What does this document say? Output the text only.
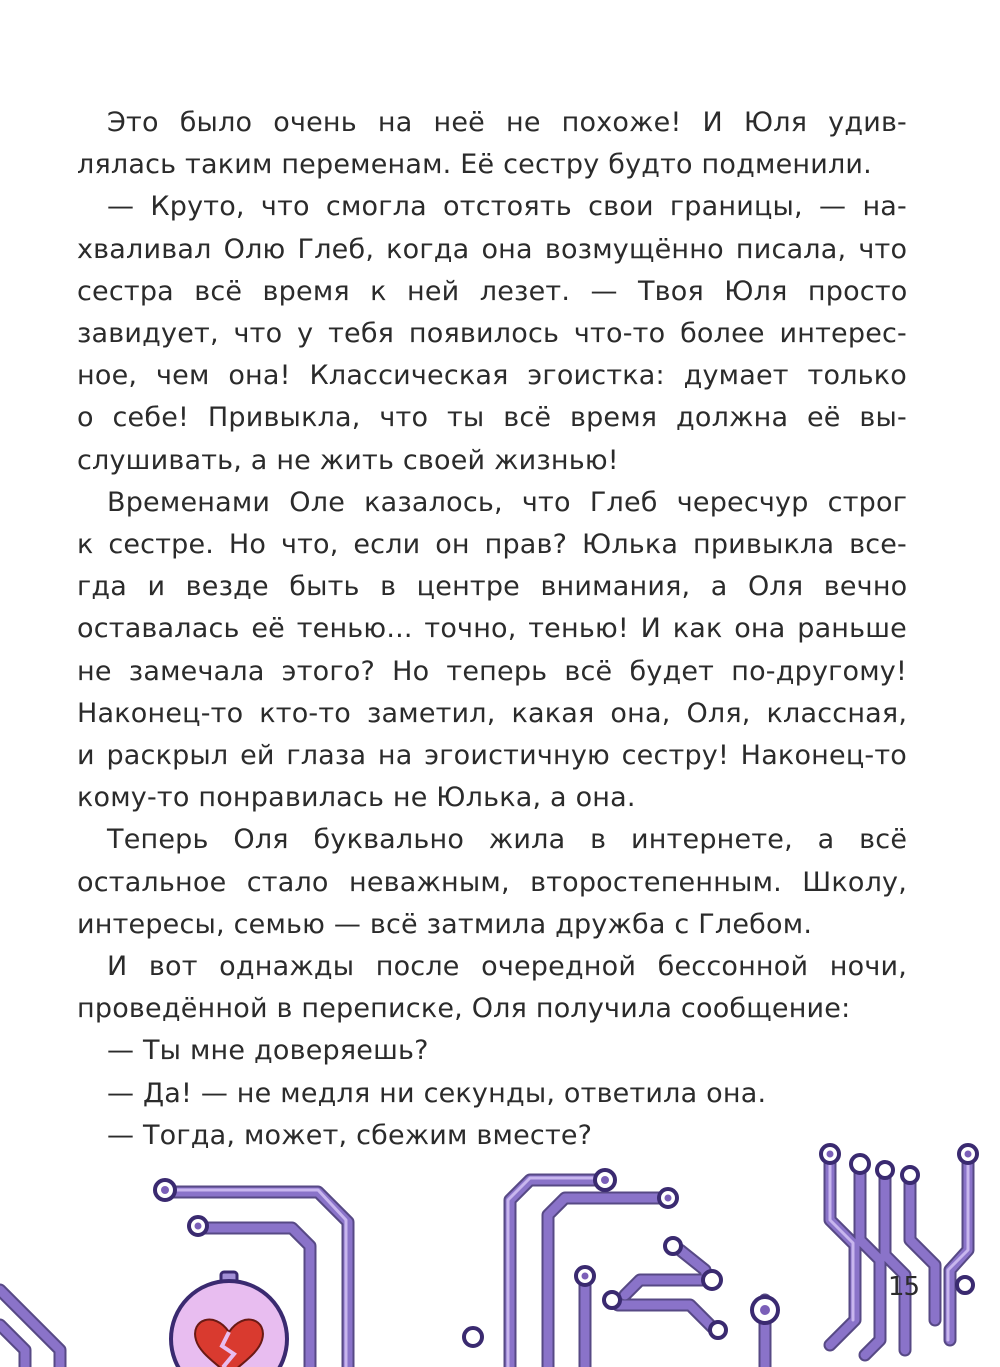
Это было очень на неё не похоже! И Юля удив-
лялась таким переменам. Её сестру будто подменили.
— Круто, что смогла отстоять свои границы, — на-
хваливал Олю Глеб, когда она возмущённо писала, что
сестра всё время к ней лезет. — Твоя Юля просто
завидует, что у тебя появилось что-то более интерес-
ное, чем она! Классическая эгоистка: думает только
о себе! Привыкла, что ты всё время должна её вы-
слушивать, а не жить своей жизнью!
Временами Оле казалось, что Глеб чересчур строг
к сестре. Но что, если он прав? Юлька привыкла все-
гда и везде быть в центре внимания, а Оля вечно
оставалась её тенью... точно, тенью! И как она раньше
не замечала этого? Но теперь всё будет по-другому!
Наконец-то кто-то заметил, какая она, Оля, классная,
и раскрыл ей глаза на эгоистичную сестру! Наконец-то
кому-то понравилась не Юлька, а она.
Теперь Оля буквально жила в интернете, а всё
остальное стало неважным, второстепенным. Школу,
интересы, семью — всё затмила дружба с Глебом.
И вот однажды после очередной бессонной ночи,
проведённой в переписке, Оля получила сообщение:
— Ты мне доверяешь?
— Да! — не медля ни секунды, ответила она.
— Тогда, может, сбежим вместе?
15
